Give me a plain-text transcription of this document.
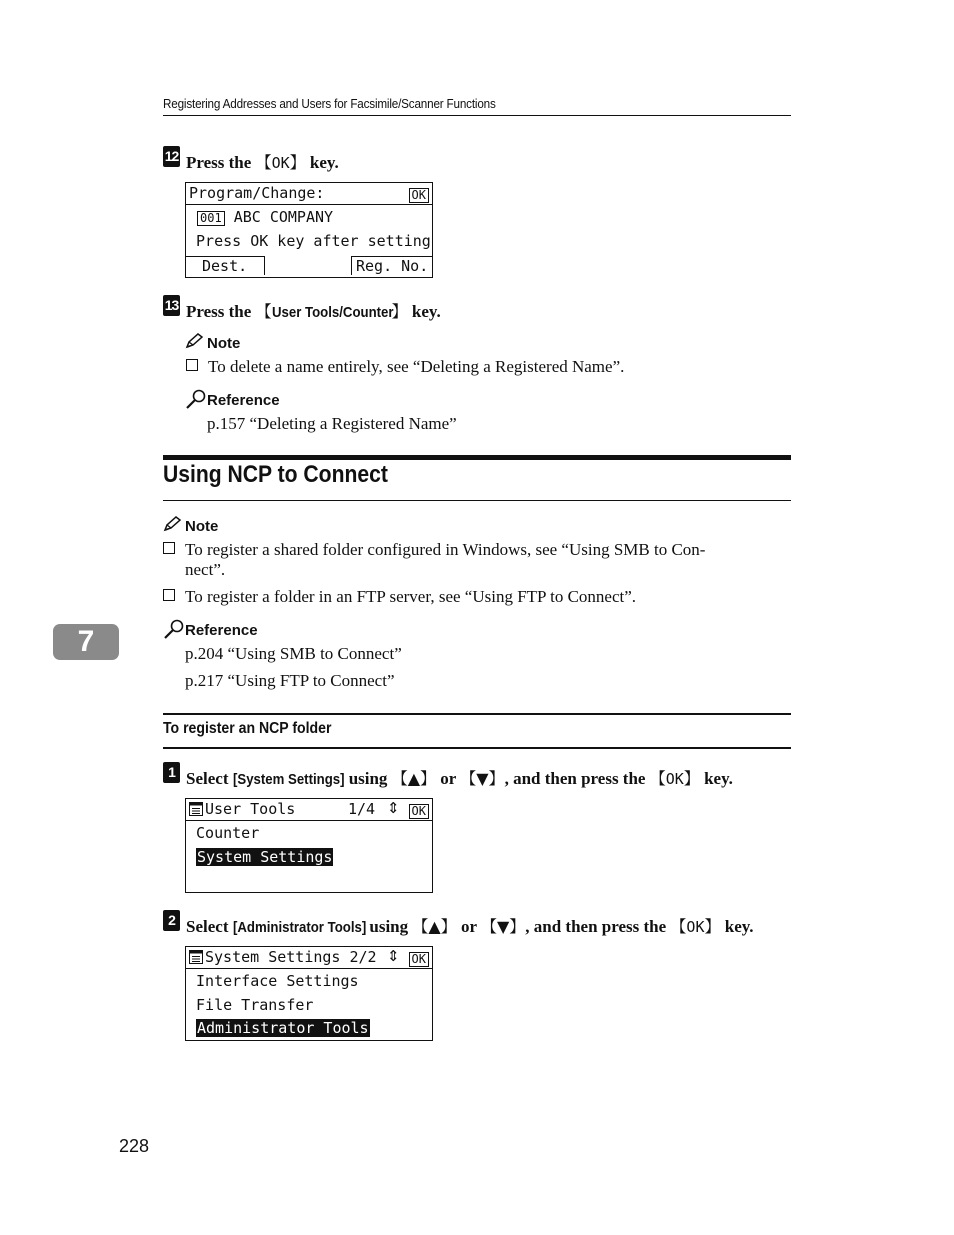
Registering Addresses and Users for Facsimile/Scanner Functions
12 Press the 【OK】 key.
Program/Change:	OK
001 ABC COMPANY
Press OK key after setting
Dest.	Reg. No.
13 Press the 【User Tools/Counter】 key.
Note
To delete a name entirely, see “Deleting a Registered Name”.
Reference
p.157 “Deleting a Registered Name”
Using NCP to Connect
Note
To register a shared folder configured in Windows, see “Using SMB to Con-
nect”.
To register a folder in an FTP server, see “Using FTP to Connect”.
Reference
p.204 “Using SMB to Connect”
p.217 “Using FTP to Connect”
7
To register an NCP folder
1 Select [System Settings] using 【▲】 or 【▼】, and then press the 【OK】 key.
User Tools	1/4 ⇕ OK
Counter
System Settings
2 Select [Administrator Tools] using 【▲】 or 【▼】, and then press the 【OK】 key.
System Settings 2/2 ⇕ OK
Interface Settings
File Transfer
Administrator Tools
228
